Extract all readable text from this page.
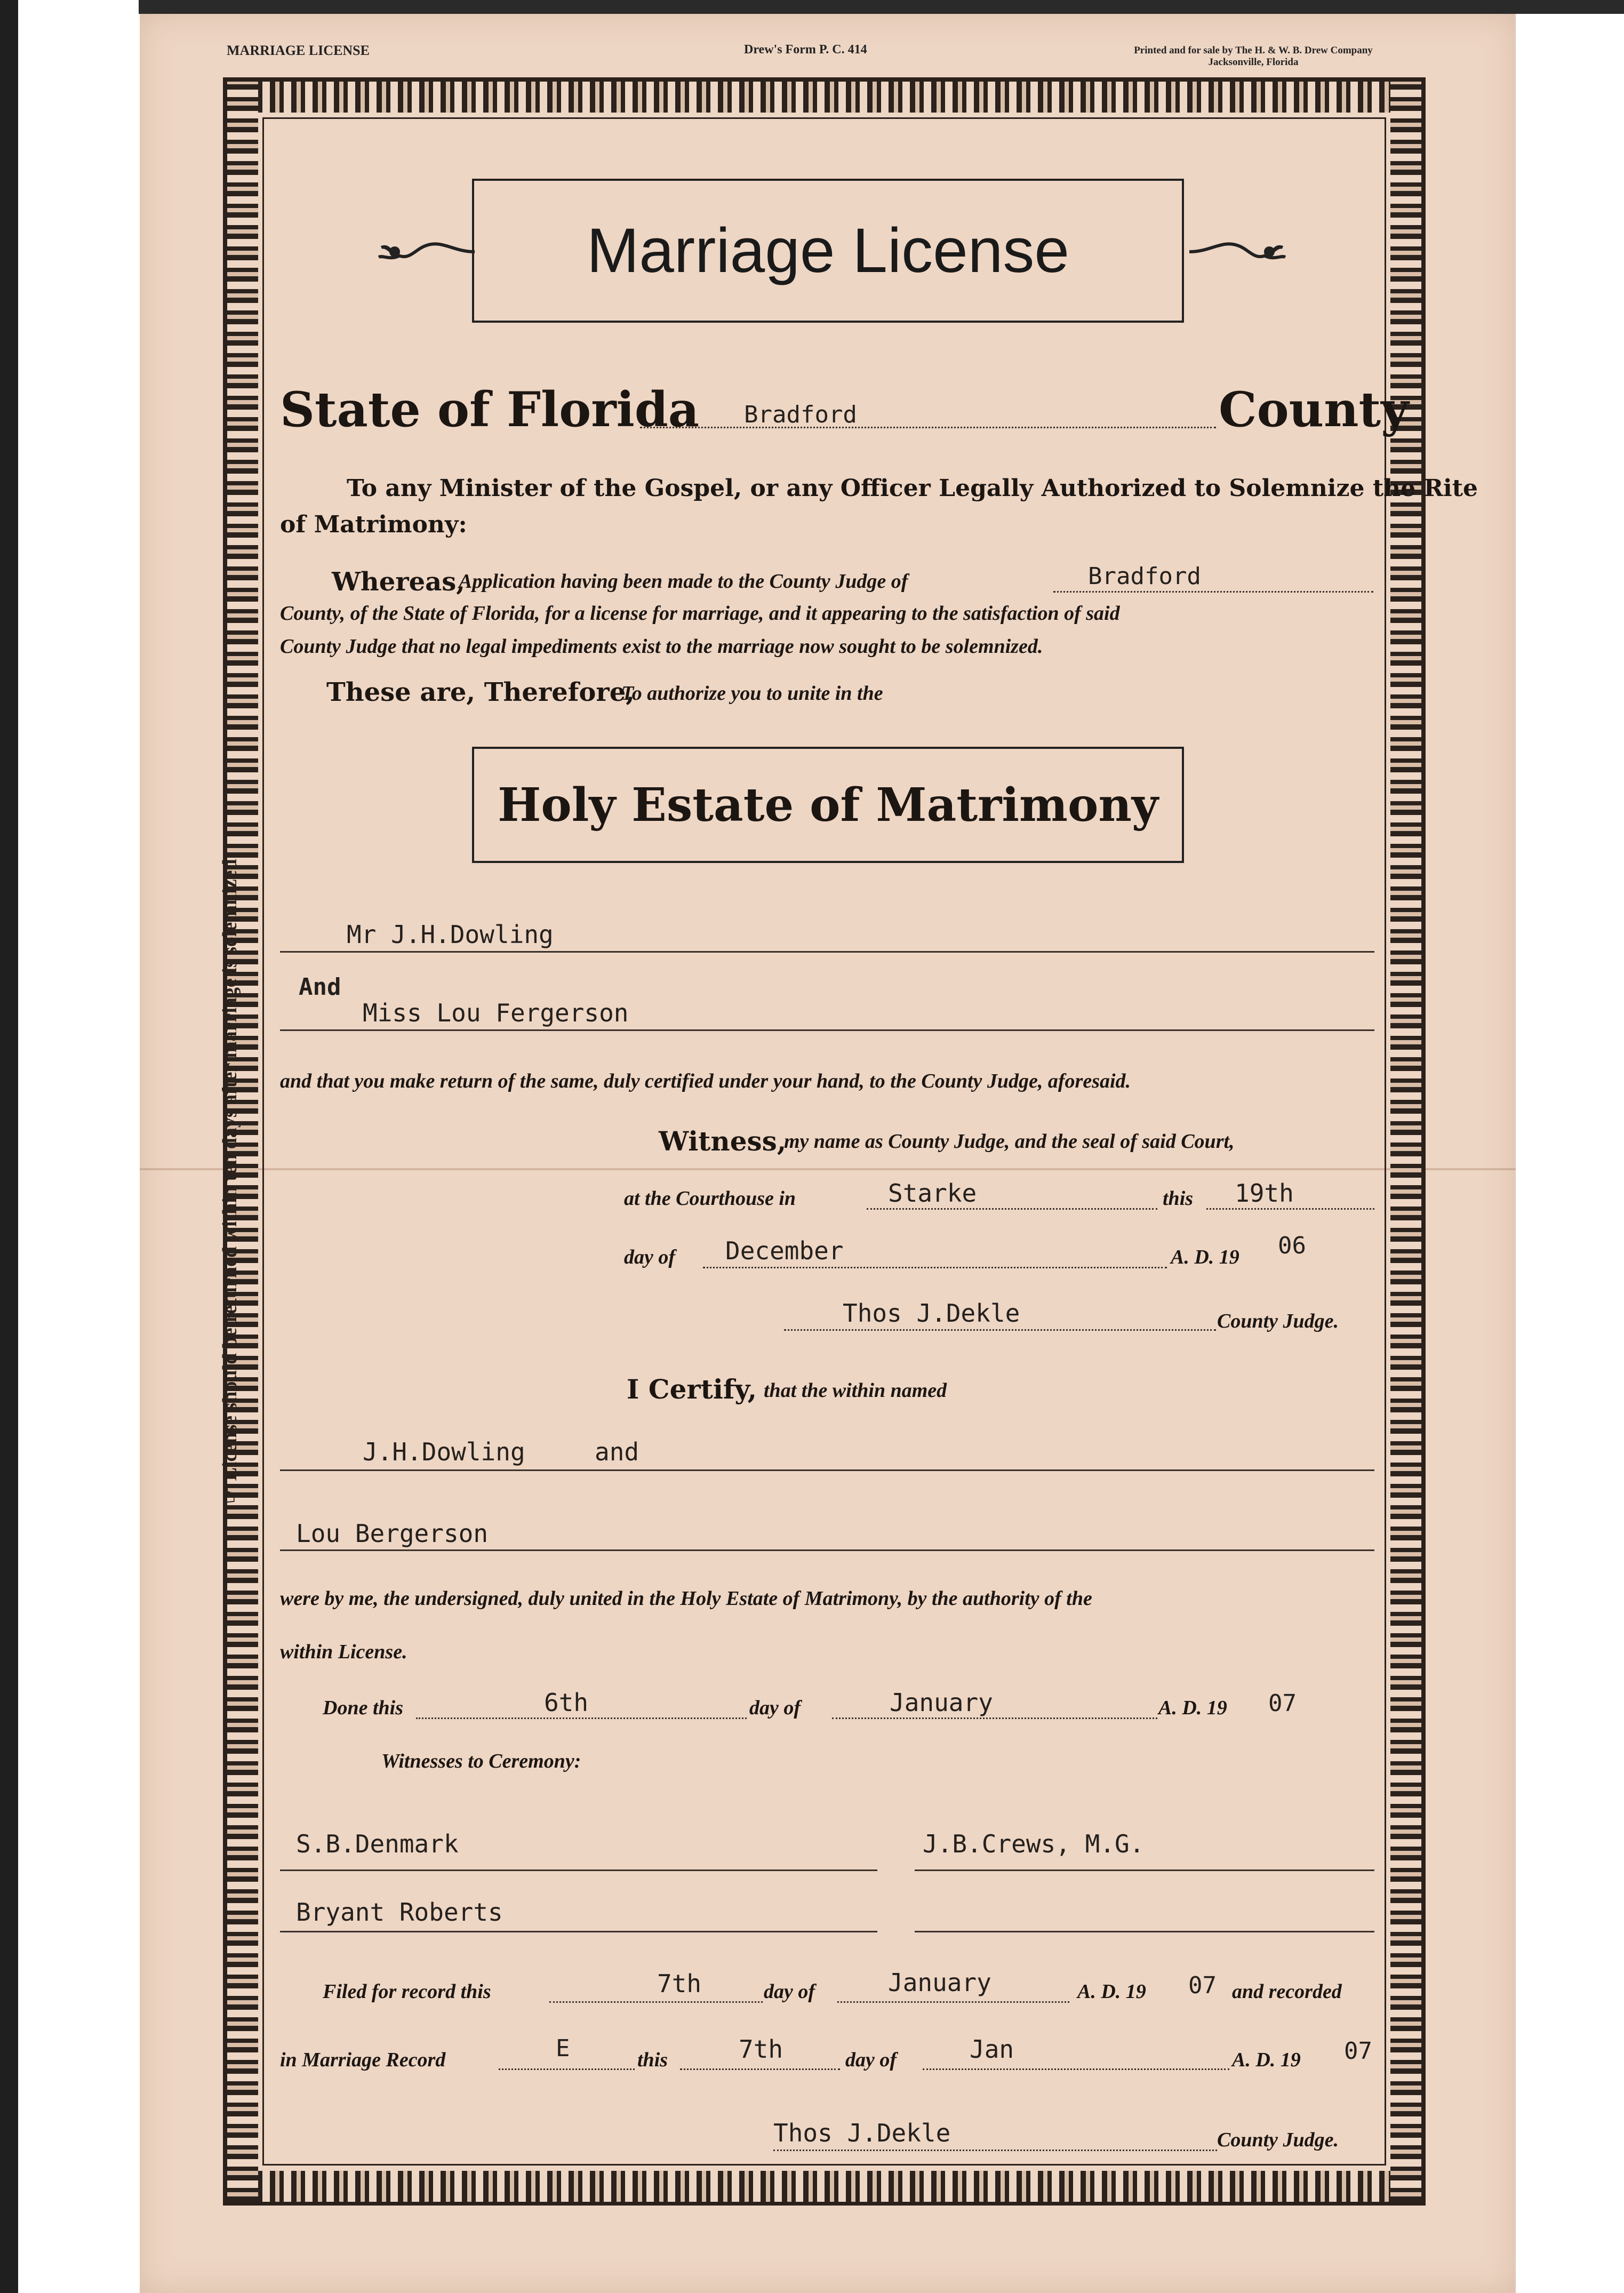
MARRIAGE LICENSE	Drew's Form P. C. 414	Printed and for sale by The H. & W. B. Drew Company
Jacksonville, Florida
Marriage License
State of Florida Bradford	County
To any Minister of the Gospel, or any Officer Legally Authorized to Solemnize the Rite
of Matrimony:
Whereas,
Application having been made to the County Judge of	Bradford
County, of the State of Florida, for a license for marriage, and it appearing to the satisfaction of said
County Judge that no legal impediments exist to the marriage now sought to be solemnized.
These are, Therefore,
To authorize you to unite in the
Holy Estate of Matrimony
Mr J.H.Dowling
And
Miss Lou Fergerson
and that you make return of the same, duly certified under your hand, to the County Judge, aforesaid.
Witness,
my name as County Judge, and the seal of said Court,
at the Courthouse in	Starke	this 19th
day of December	A. D. 19 06
Thos J.Dekle	County Judge.
I Certify, that the within named
J.H.Dowling	and
Lou Bergerson
were by me, the undersigned, duly united in the Holy Estate of Matrimony, by the authority of the
within License.
Done this	6th	day of	January	A. D. 19 07
Witnesses to Ceremony:
S.B.Denmark	J.B.Crews, M.G.
Bryant Roberts
Filed for record this	7th	day of	January	A. D. 19 07 and recorded
in Marriage Record	E	this	7th	day of	Jan	A. D. 19 07
Thos J.Dekle	County Judge.
☞ License should be returned within ten days after marriage is solemnized
